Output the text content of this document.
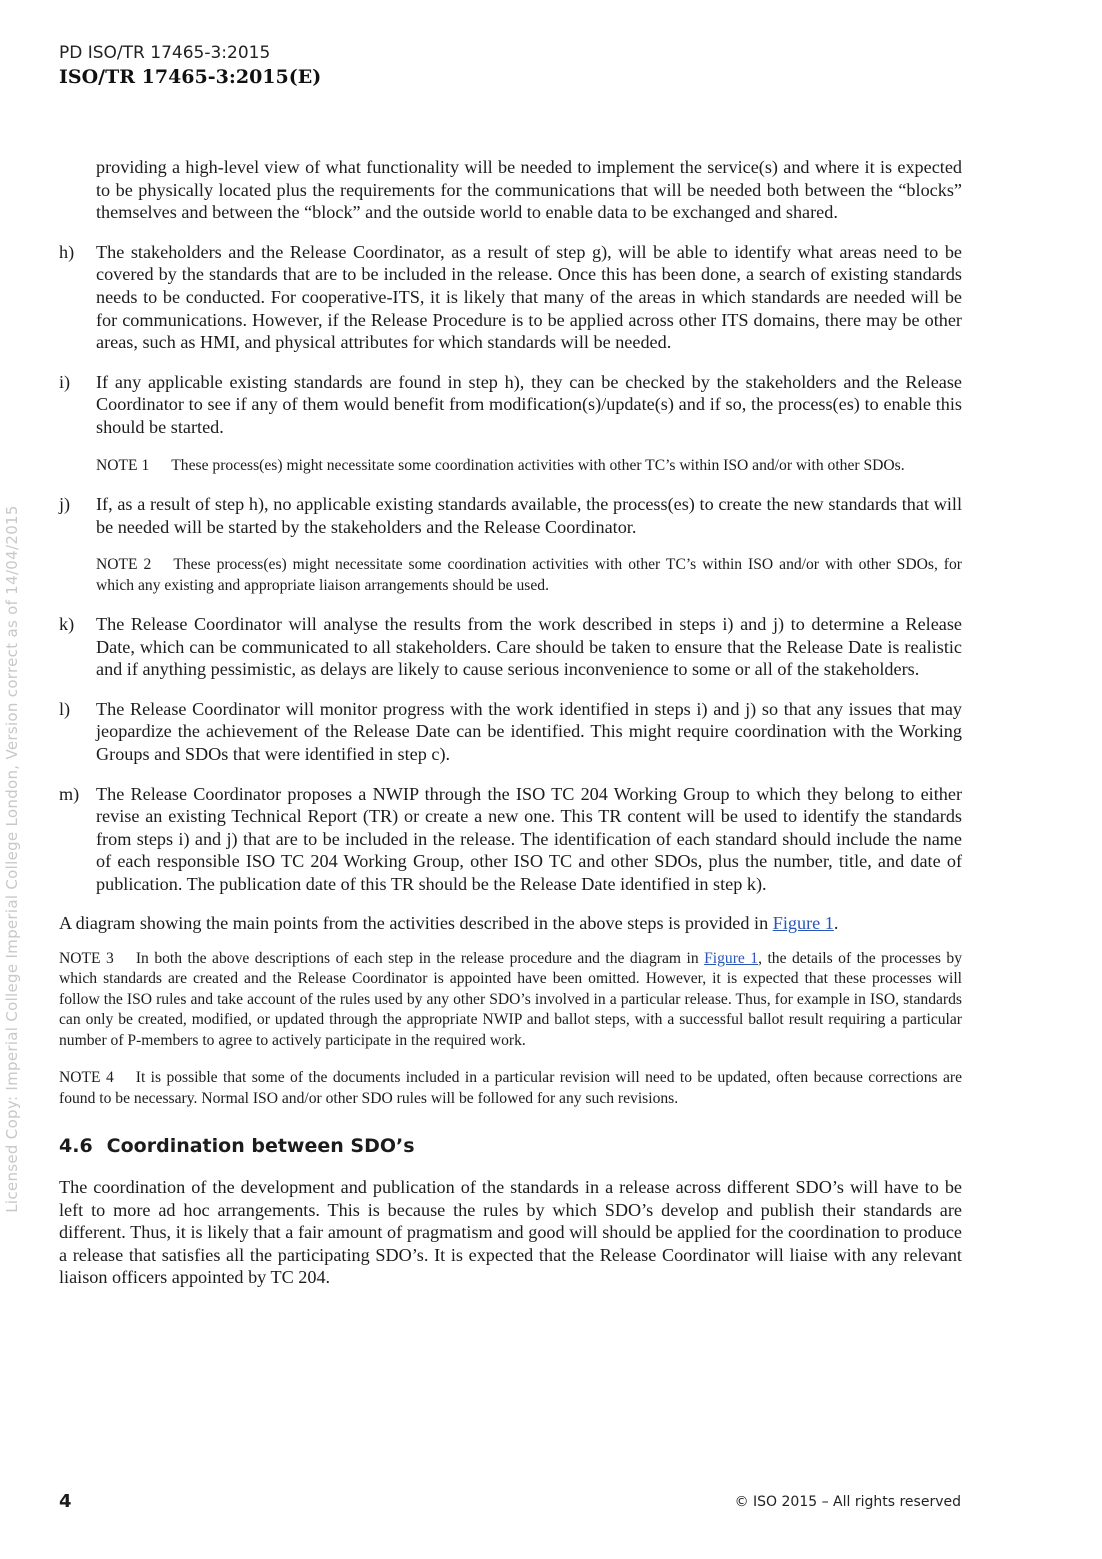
PD ISO/TR 17465-3:2015
ISO/TR 17465-3:2015(E)
Licensed Copy: Imperial College Imperial College London, Version correct as of 14/04/2015

providing a high-level view of what functionality will be needed to implement the service(s) and where it is expected to be physically located plus the requirements for the communications that will be needed both between the “blocks” themselves and between the “block” and the outside world to enable data to be exchanged and shared.

h) The stakeholders and the Release Coordinator, as a result of step g), will be able to identify what areas need to be covered by the standards that are to be included in the release. Once this has been done, a search of existing standards needs to be conducted. For cooperative-ITS, it is likely that many of the areas in which standards are needed will be for communications. However, if the Release Procedure is to be applied across other ITS domains, there may be other areas, such as HMI, and physical attributes for which standards will be needed.

i) If any applicable existing standards are found in step h), they can be checked by the stakeholders and the Release Coordinator to see if any of them would benefit from modification(s)/update(s) and if so, the process(es) to enable this should be started.

NOTE 1 These process(es) might necessitate some coordination activities with other TC’s within ISO and/or with other SDOs.

j) If, as a result of step h), no applicable existing standards available, the process(es) to create the new standards that will be needed will be started by the stakeholders and the Release Coordinator.

NOTE 2 These process(es) might necessitate some coordination activities with other TC’s within ISO and/or with other SDOs, for which any existing and appropriate liaison arrangements should be used.

k) The Release Coordinator will analyse the results from the work described in steps i) and j) to determine a Release Date, which can be communicated to all stakeholders. Care should be taken to ensure that the Release Date is realistic and if anything pessimistic, as delays are likely to cause serious inconvenience to some or all of the stakeholders.

l) The Release Coordinator will monitor progress with the work identified in steps i) and j) so that any issues that may jeopardize the achievement of the Release Date can be identified. This might require coordination with the Working Groups and SDOs that were identified in step c).

m) The Release Coordinator proposes a NWIP through the ISO TC 204 Working Group to which they belong to either revise an existing Technical Report (TR) or create a new one. This TR content will be used to identify the standards from steps i) and j) that are to be included in the release. The identification of each standard should include the name of each responsible ISO TC 204 Working Group, other ISO TC and other SDOs, plus the number, title, and date of publication. The publication date of this TR should be the Release Date identified in step k).

A diagram showing the main points from the activities described in the above steps is provided in Figure 1.

NOTE 3 In both the above descriptions of each step in the release procedure and the diagram in Figure 1, the details of the processes by which standards are created and the Release Coordinator is appointed have been omitted. However, it is expected that these processes will follow the ISO rules and take account of the rules used by any other SDO’s involved in a particular release. Thus, for example in ISO, standards can only be created, modified, or updated through the appropriate NWIP and ballot steps, with a successful ballot result requiring a particular number of P-members to agree to actively participate in the required work.

NOTE 4 It is possible that some of the documents included in a particular revision will need to be updated, often because corrections are found to be necessary. Normal ISO and/or other SDO rules will be followed for any such revisions.

4.6 Coordination between SDO’s

The coordination of the development and publication of the standards in a release across different SDO’s will have to be left to more ad hoc arrangements. This is because the rules by which SDO’s develop and publish their standards are different. Thus, it is likely that a fair amount of pragmatism and good will should be applied for the coordination to produce a release that satisfies all the participating SDO’s. It is expected that the Release Coordinator will liaise with any relevant liaison officers appointed by TC 204.

4	© ISO 2015 – All rights reserved
